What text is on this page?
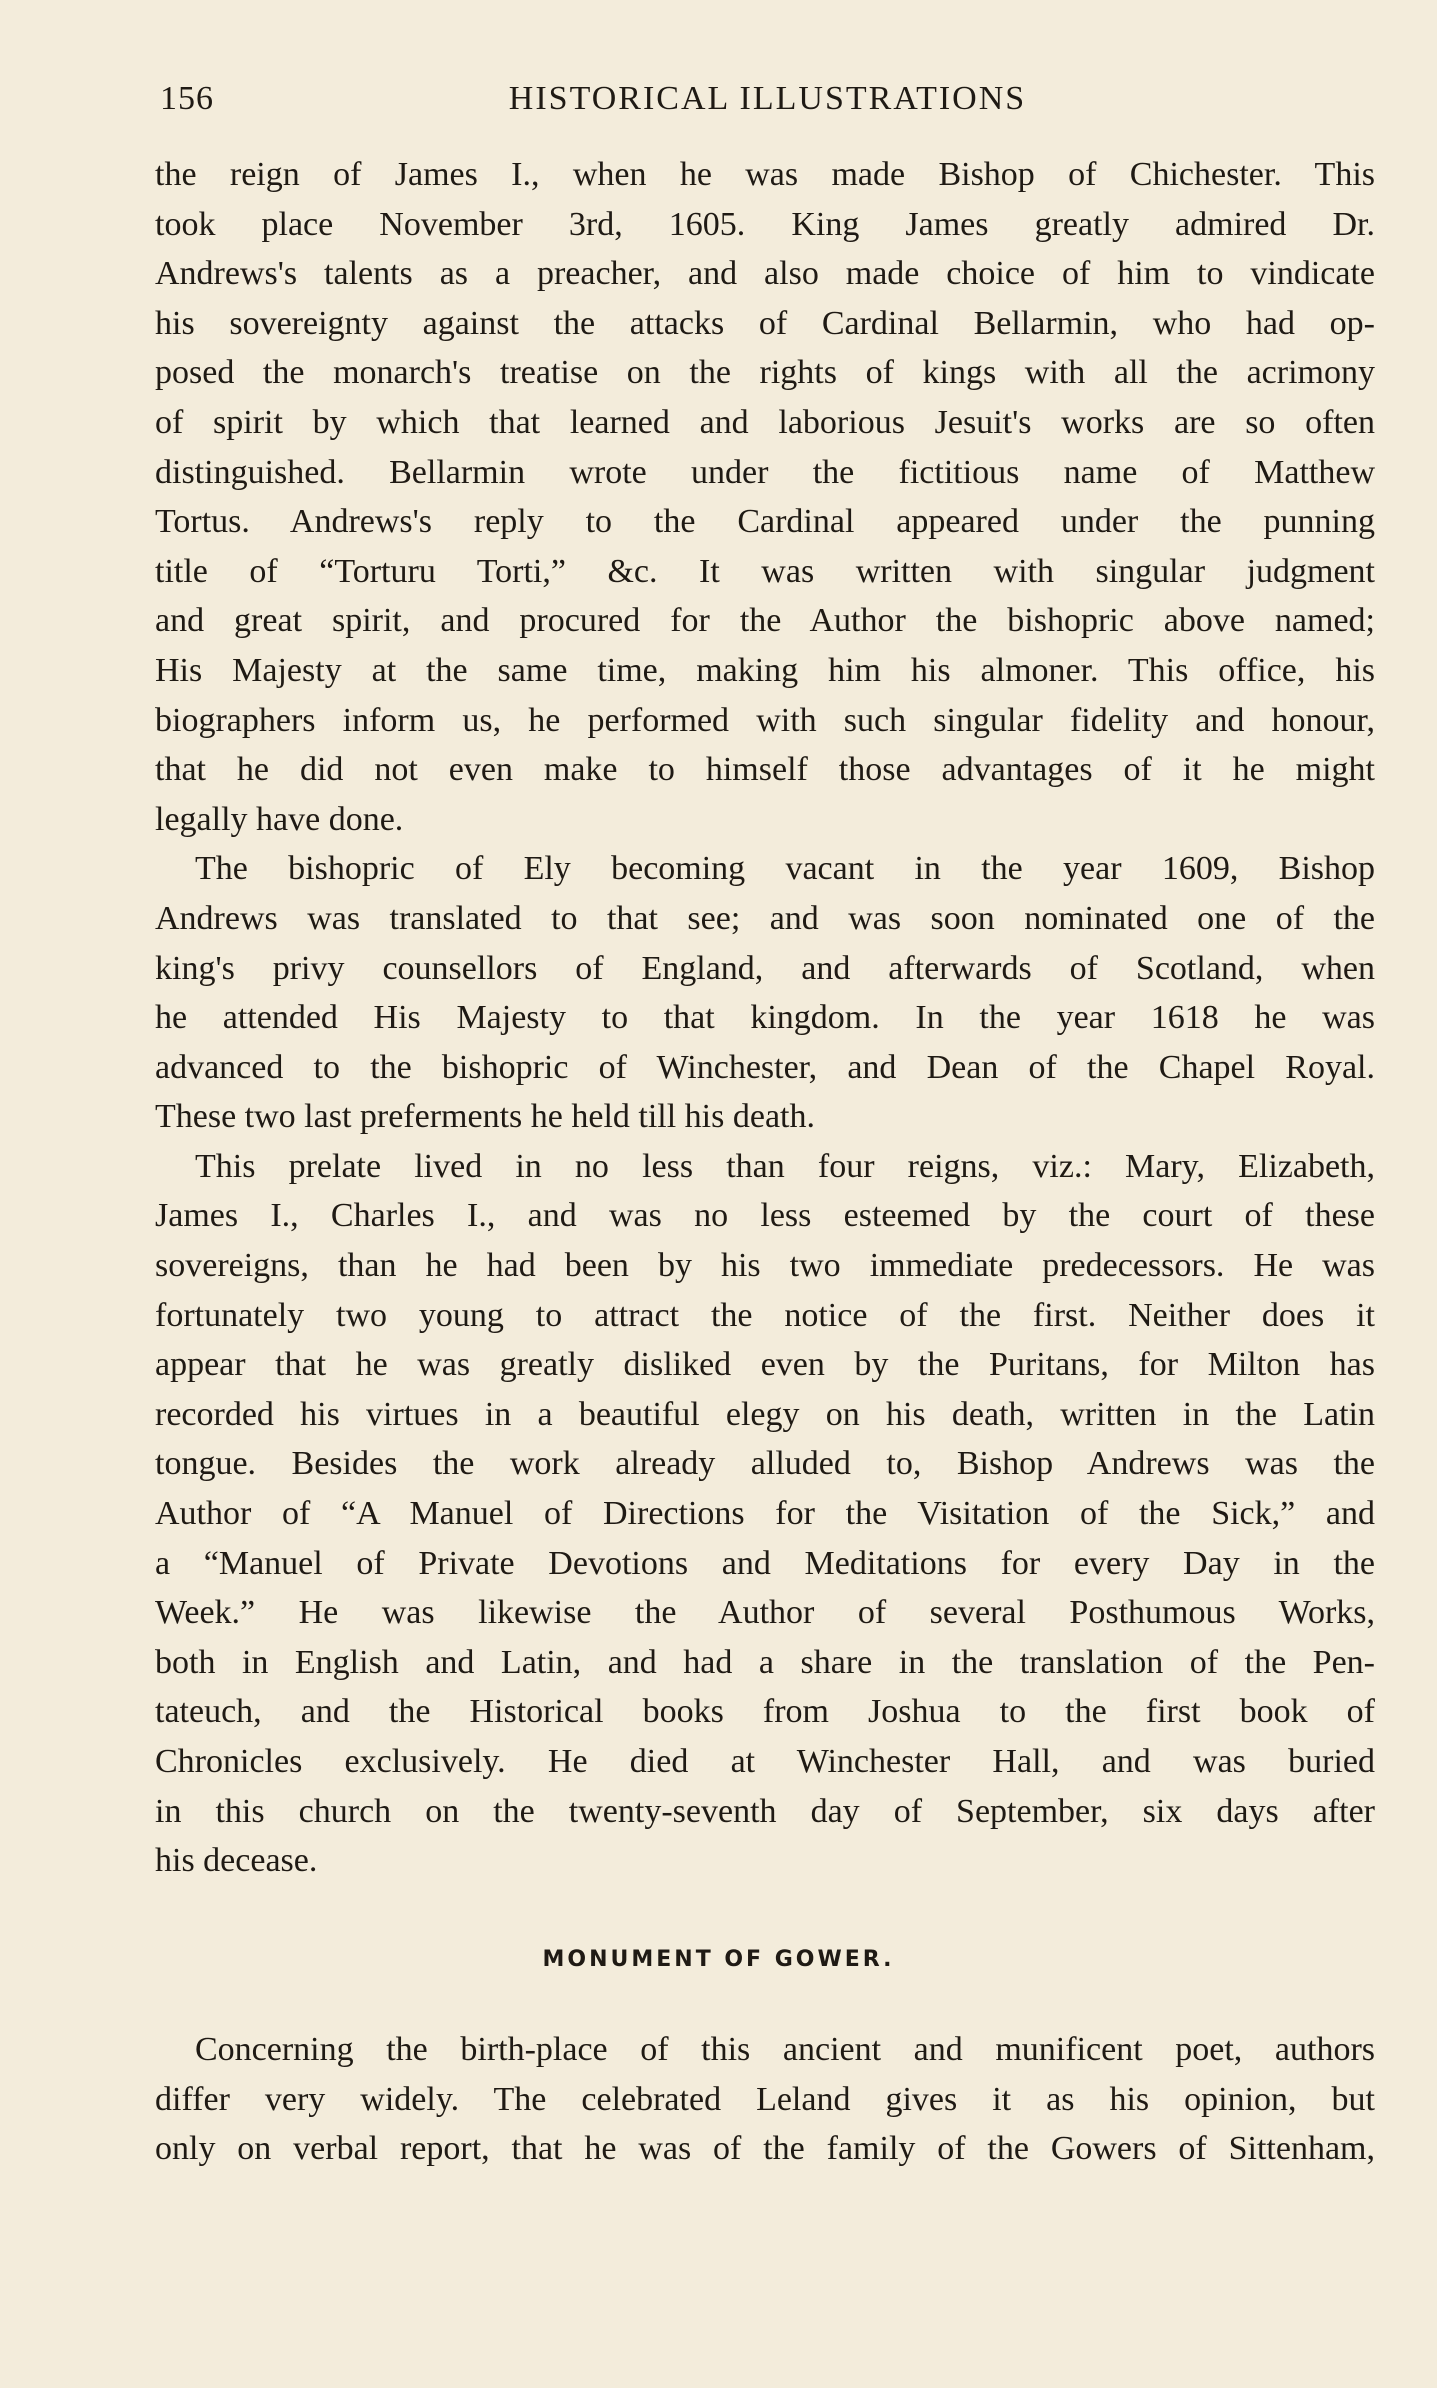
156	HISTORICAL ILLUSTRATIONS
the reign of James I., when he was made Bishop of Chichester. This
took place November 3rd, 1605. King James greatly admired Dr.
Andrews's talents as a preacher, and also made choice of him to vindicate
his sovereignty against the attacks of Cardinal Bellarmin, who had op-
posed the monarch's treatise on the rights of kings with all the acrimony
of spirit by which that learned and laborious Jesuit's works are so often
distinguished. Bellarmin wrote under the fictitious name of Matthew
Tortus. Andrews's reply to the Cardinal appeared under the punning
title of “Torturu Torti,” &c. It was written with singular judgment
and great spirit, and procured for the Author the bishopric above named;
His Majesty at the same time, making him his almoner. This office, his
biographers inform us, he performed with such singular fidelity and honour,
that he did not even make to himself those advantages of it he might
legally have done.
The bishopric of Ely becoming vacant in the year 1609, Bishop
Andrews was translated to that see; and was soon nominated one of the
king's privy counsellors of England, and afterwards of Scotland, when
he attended His Majesty to that kingdom. In the year 1618 he was
advanced to the bishopric of Winchester, and Dean of the Chapel Royal.
These two last preferments he held till his death.
This prelate lived in no less than four reigns, viz.: Mary, Elizabeth,
James I., Charles I., and was no less esteemed by the court of these
sovereigns, than he had been by his two immediate predecessors. He was
fortunately two young to attract the notice of the first. Neither does it
appear that he was greatly disliked even by the Puritans, for Milton has
recorded his virtues in a beautiful elegy on his death, written in the Latin
tongue. Besides the work already alluded to, Bishop Andrews was the
Author of “A Manuel of Directions for the Visitation of the Sick,” and
a “Manuel of Private Devotions and Meditations for every Day in the
Week.” He was likewise the Author of several Posthumous Works,
both in English and Latin, and had a share in the translation of the Pen-
tateuch, and the Historical books from Joshua to the first book of
Chronicles exclusively. He died at Winchester Hall, and was buried
in this church on the twenty-seventh day of September, six days after
his decease.
MONUMENT OF GOWER.
Concerning the birth-place of this ancient and munificent poet, authors
differ very widely. The celebrated Leland gives it as his opinion, but
only on verbal report, that he was of the family of the Gowers of Sittenham,
